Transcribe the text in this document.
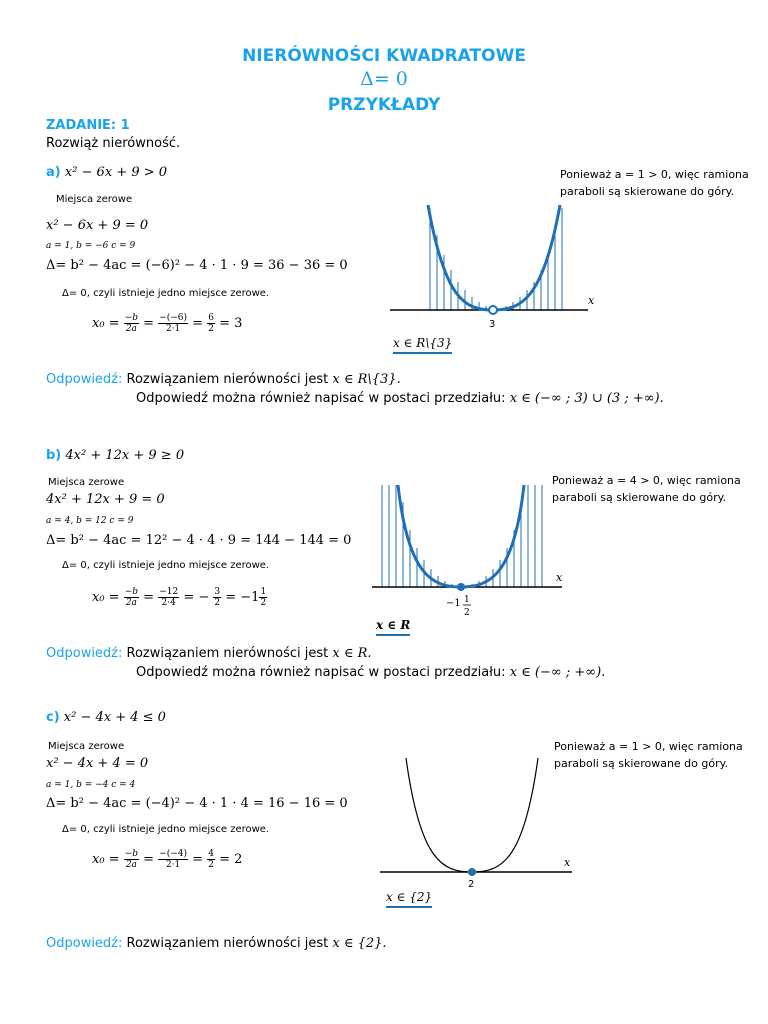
NIERÓWNOŚCI KWADRATOWE
Δ= 0
PRZYKŁADY
ZADANIE: 1
Rozwiąż nierówność.
a) x² − 6x + 9 > 0
Miejsca zerowe
x² − 6x + 9 = 0
a = 1, b = −6 c = 9
Δ= b² − 4ac = (−6)² − 4 · 1 · 9 = 36 − 36 = 0
Δ= 0, czyli istnieje jedno miejsce zerowe.
$x_0 = \frac{-b}{2a} = \frac{-(-6)}{2\cdot 1} = \frac{6}{2} = 3$
Ponieważ a = 1 > 0, więc ramiona paraboli są skierowane do góry.
x
3
x ∈ R\{3}
Odpowiedź: Rozwiązaniem nierówności jest x ∈ R\{3}.
Odpowiedź można również napisać w postaci przedziału: x ∈ (−∞ ; 3) ∪ (3 ; +∞).
b) 4x² + 12x + 9 ≥ 0
Miejsca zerowe
4x² + 12x + 9 = 0
a = 4, b = 12 c = 9
Δ= b² − 4ac = 12² − 4 · 4 · 9 = 144 − 144 = 0
Δ= 0, czyli istnieje jedno miejsce zerowe.
$x_0 = \frac{-b}{2a} = \frac{-12}{2\cdot 4}$ = − $\frac{3}{2} = -1 \frac{1}{2}$
Ponieważ a = 4 > 0, więc ramiona paraboli są skierowane do góry.
x
−1 1
2
x ∈ R
Odpowiedź: Rozwiązaniem nierówności jest x ∈ R.
Odpowiedź można również napisać w postaci przedziału: x ∈ (−∞ ; +∞).
c) x² − 4x + 4 ≤ 0
Miejsca zerowe
x² − 4x + 4 = 0
a = 1, b = −4 c = 4
Δ= b² − 4ac = (−4)² − 4 · 1 · 4 = 16 − 16 = 0
Δ= 0, czyli istnieje jedno miejsce zerowe.
$x_0 = \frac{-b}{2a} = \frac{-(-4)}{2\cdot 1} = \frac{4}{2} = 2$
Ponieważ a = 1 > 0, więc ramiona paraboli są skierowane do góry.
x
2
x ∈ {2}
Odpowiedź: Rozwiązaniem nierówności jest x ∈ {2}.
